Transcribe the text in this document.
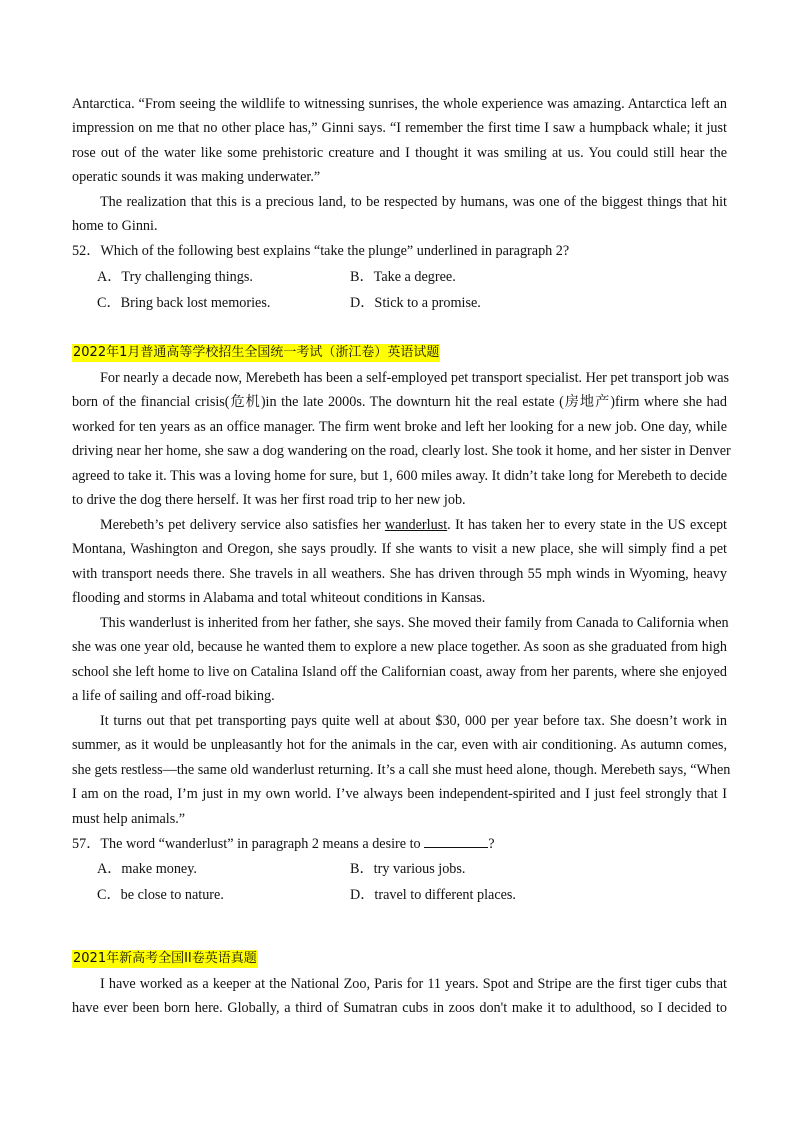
Antarctica. “From seeing the wildlife to witnessing sunrises, the whole experience was amazing. Antarctica left an
impression on me that no other place has,” Ginni says. “I remember the first time I saw a humpback whale; it just
rose out of the water like some prehistoric creature and I thought it was smiling at us. You could still hear the
operatic sounds it was making underwater.”
The realization that this is a precious land, to be respected by humans, was one of the biggest things that hit
home to Ginni.
52．Which of the following best explains “take the plunge” underlined in paragraph 2?
A．Try challenging things.	B．Take a degree.
C．Bring back lost memories.	D．Stick to a promise.
2022年1月普通高等学校招生全国统一考试（浙江卷）英语试题
For nearly a decade now, Merebeth has been a self-employed pet transport specialist. Her pet transport job was
born of the financial crisis(危机)in the late 2000s. The downturn hit the real estate (房地产)firm where she had
worked for ten years as an office manager. The firm went broke and left her looking for a new job. One day, while
driving near her home, she saw a dog wandering on the road, clearly lost. She took it home, and her sister in Denver
agreed to take it. This was a loving home for sure, but 1, 600 miles away. It didn’t take long for Merebeth to decide
to drive the dog there herself. It was her first road trip to her new job.
Merebeth’s pet delivery service also satisfies her wanderlust. It has taken her to every state in the US except
Montana, Washington and Oregon, she says proudly. If she wants to visit a new place, she will simply find a pet
with transport needs there. She travels in all weathers. She has driven through 55 mph winds in Wyoming, heavy
flooding and storms in Alabama and total whiteout conditions in Kansas.
This wanderlust is inherited from her father, she says. She moved their family from Canada to California when
she was one year old, because he wanted them to explore a new place together. As soon as she graduated from high
school she left home to live on Catalina Island off the Californian coast, away from her parents, where she enjoyed
a life of sailing and off-road biking.
It turns out that pet transporting pays quite well at about $30, 000 per year before tax. She doesn’t work in
summer, as it would be unpleasantly hot for the animals in the car, even with air conditioning. As autumn comes,
she gets restless—the same old wanderlust returning. It’s a call she must heed alone, though. Merebeth says, “When
I am on the road, I’m just in my own world. I’ve always been independent-spirited and I just feel strongly that I
must help animals.”
57．The word “wanderlust” in paragraph 2 means a desire to	?
A．make money.	B．try various jobs.
C．be close to nature.	D．travel to different places.
2021年新高考全国II卷英语真题
I have worked as a keeper at the National Zoo, Paris for 11 years. Spot and Stripe are the first tiger cubs that
have ever been born here. Globally, a third of Sumatran cubs in zoos don't make it to adulthood, so I decided to
